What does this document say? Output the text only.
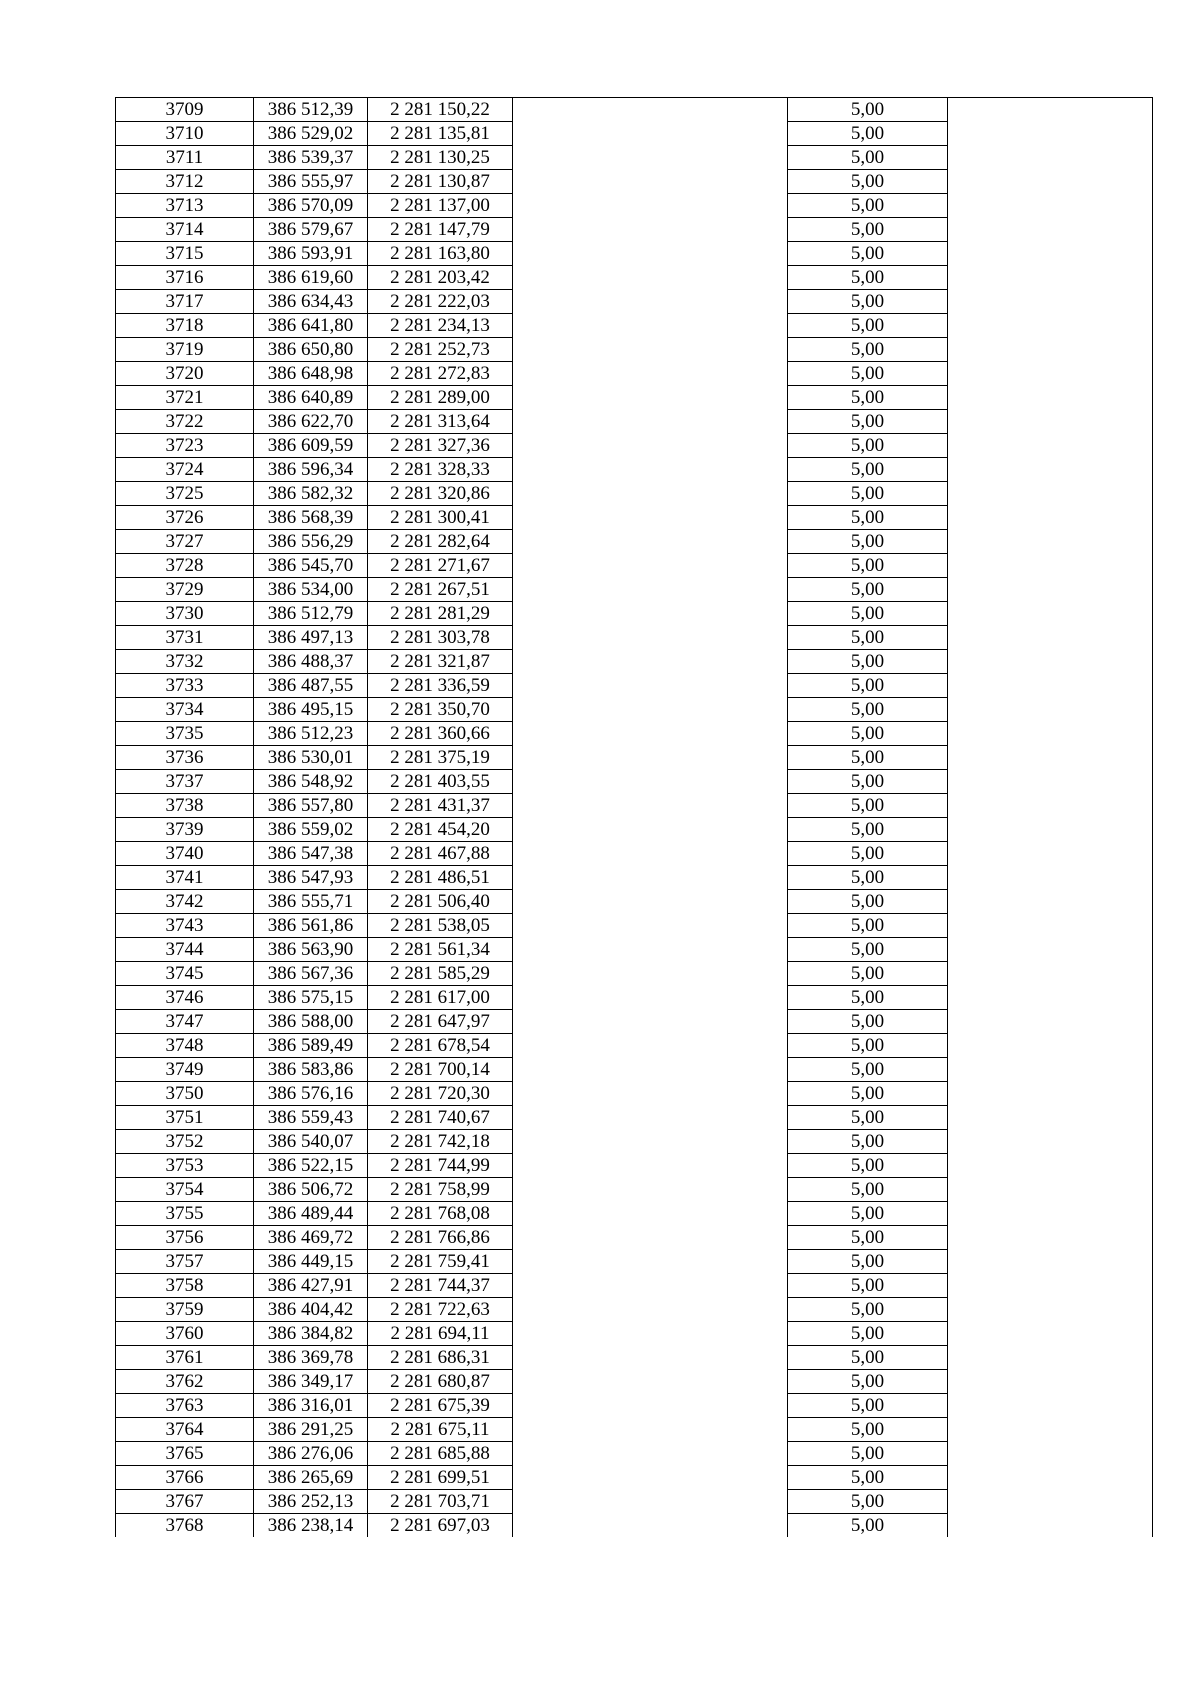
3709	386 512,39	2 281 150,22		5,00	
3710	386 529,02	2 281 135,81		5,00	
3711	386 539,37	2 281 130,25		5,00	
3712	386 555,97	2 281 130,87		5,00	
3713	386 570,09	2 281 137,00		5,00	
3714	386 579,67	2 281 147,79		5,00	
3715	386 593,91	2 281 163,80		5,00	
3716	386 619,60	2 281 203,42		5,00	
3717	386 634,43	2 281 222,03		5,00	
3718	386 641,80	2 281 234,13		5,00	
3719	386 650,80	2 281 252,73		5,00	
3720	386 648,98	2 281 272,83		5,00	
3721	386 640,89	2 281 289,00		5,00	
3722	386 622,70	2 281 313,64		5,00	
3723	386 609,59	2 281 327,36		5,00	
3724	386 596,34	2 281 328,33		5,00	
3725	386 582,32	2 281 320,86		5,00	
3726	386 568,39	2 281 300,41		5,00	
3727	386 556,29	2 281 282,64		5,00	
3728	386 545,70	2 281 271,67		5,00	
3729	386 534,00	2 281 267,51		5,00	
3730	386 512,79	2 281 281,29		5,00	
3731	386 497,13	2 281 303,78		5,00	
3732	386 488,37	2 281 321,87		5,00	
3733	386 487,55	2 281 336,59		5,00	
3734	386 495,15	2 281 350,70		5,00	
3735	386 512,23	2 281 360,66		5,00	
3736	386 530,01	2 281 375,19		5,00	
3737	386 548,92	2 281 403,55		5,00	
3738	386 557,80	2 281 431,37		5,00	
3739	386 559,02	2 281 454,20		5,00	
3740	386 547,38	2 281 467,88		5,00	
3741	386 547,93	2 281 486,51		5,00	
3742	386 555,71	2 281 506,40		5,00	
3743	386 561,86	2 281 538,05		5,00	
3744	386 563,90	2 281 561,34		5,00	
3745	386 567,36	2 281 585,29		5,00	
3746	386 575,15	2 281 617,00		5,00	
3747	386 588,00	2 281 647,97		5,00	
3748	386 589,49	2 281 678,54		5,00	
3749	386 583,86	2 281 700,14		5,00	
3750	386 576,16	2 281 720,30		5,00	
3751	386 559,43	2 281 740,67		5,00	
3752	386 540,07	2 281 742,18		5,00	
3753	386 522,15	2 281 744,99		5,00	
3754	386 506,72	2 281 758,99		5,00	
3755	386 489,44	2 281 768,08		5,00	
3756	386 469,72	2 281 766,86		5,00	
3757	386 449,15	2 281 759,41		5,00	
3758	386 427,91	2 281 744,37		5,00	
3759	386 404,42	2 281 722,63		5,00	
3760	386 384,82	2 281 694,11		5,00	
3761	386 369,78	2 281 686,31		5,00	
3762	386 349,17	2 281 680,87		5,00	
3763	386 316,01	2 281 675,39		5,00	
3764	386 291,25	2 281 675,11		5,00	
3765	386 276,06	2 281 685,88		5,00	
3766	386 265,69	2 281 699,51		5,00	
3767	386 252,13	2 281 703,71		5,00	
3768	386 238,14	2 281 697,03		5,00	
